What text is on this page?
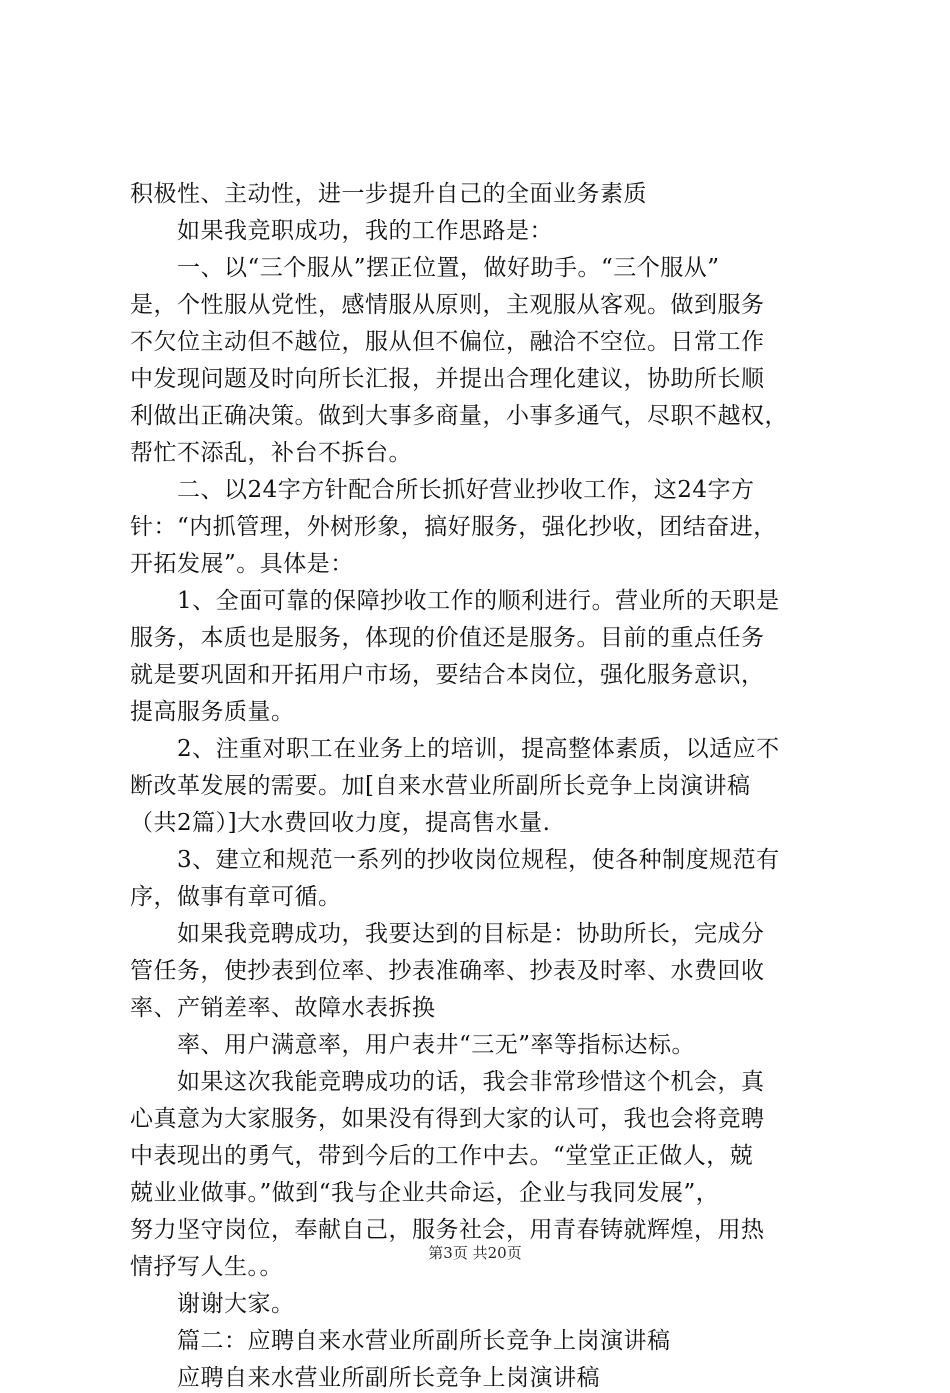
积极性、主动性，进一步提升自己的全面业务素质
　　如果我竞职成功，我的工作思路是：
　　一、以“三个服从”摆正位置，做好助手。“三个服从”
是，个性服从党性，感情服从原则，主观服从客观。做到服务
不欠位主动但不越位，服从但不偏位，融洽不空位。日常工作
中发现问题及时向所长汇报，并提出合理化建议，协助所长顺
利做出正确决策。做到大事多商量，小事多通气，尽职不越权，
帮忙不添乱，补台不拆台。
　　二、以24字方针配合所长抓好营业抄收工作，这24字方
针：“内抓管理，外树形象，搞好服务，强化抄收，团结奋进，
开拓发展”。具体是：
　　1、全面可靠的保障抄收工作的顺利进行。营业所的天职是
服务，本质也是服务，体现的价值还是服务。目前的重点任务
就是要巩固和开拓用户市场，要结合本岗位，强化服务意识，
提高服务质量。
　　2、注重对职工在业务上的培训，提高整体素质，以适应不
断改革发展的需要。加[自来水营业所副所长竞争上岗演讲稿
（共2篇）]大水费回收力度，提高售水量.
　　3、建立和规范一系列的抄收岗位规程，使各种制度规范有
序，做事有章可循。
　　如果我竞聘成功，我要达到的目标是：协助所长，完成分
管任务，使抄表到位率、抄表准确率、抄表及时率、水费回收
率、产销差率、故障水表拆换
　　率、用户满意率，用户表井“三无”率等指标达标。
　　如果这次我能竞聘成功的话，我会非常珍惜这个机会，真
心真意为大家服务，如果没有得到大家的认可，我也会将竞聘
中表现出的勇气，带到今后的工作中去。“堂堂正正做人，兢
兢业业做事。”做到“我与企业共命运，企业与我同发展”，
努力坚守岗位，奉献自己，服务社会，用青春铸就辉煌，用热
情抒写人生。。
　　谢谢大家。
　　篇二：应聘自来水营业所副所长竞争上岗演讲稿
　　应聘自来水营业所副所长竞争上岗演讲稿
第3页 共20页
